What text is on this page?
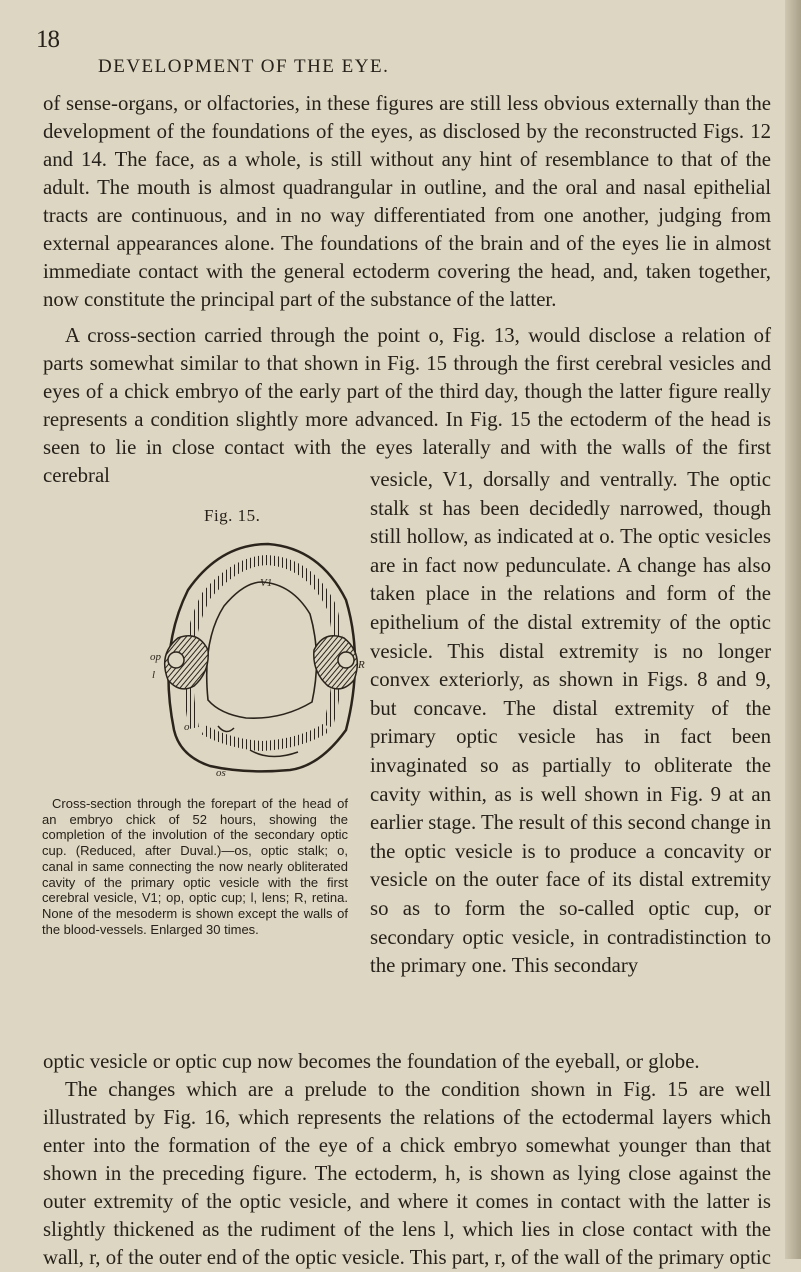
18
DEVELOPMENT OF THE EYE.

of sense-organs, or olfactories, in these figures are still less obvious externally than the development of the foundations of the eyes, as disclosed by the reconstructed Figs. 12 and 14. The face, as a whole, is still without any hint of resemblance to that of the adult. The mouth is almost quadrangular in outline, and the oral and nasal epithelial tracts are continuous, and in no way differentiated from one another, judging from external appearances alone. The foundations of the brain and of the eyes lie in almost immediate contact with the general ectoderm covering the head, and, taken together, now constitute the principal part of the substance of the latter.

A cross-section carried through the point o, Fig. 13, would disclose a relation of parts somewhat similar to that shown in Fig. 15 through the first cerebral vesicles and eyes of a chick embryo of the early part of the third day, though the latter figure really represents a condition slightly more advanced. In Fig. 15 the ectoderm of the head is seen to lie in close contact with the eyes laterally and with the walls of the first cerebral	vesicle, V1, dorsally and ventrally. The optic stalk st has been decidedly narrowed, though still hollow, as indicated at o. The optic vesicles are in fact now pedunculate. A change has also taken place in the relations and form of the epithelium of the distal extremity of the optic vesicle. This distal extremity is no longer convex exteriorly, as shown in Figs. 8 and 9, but concave. The distal extremity of the primary optic vesicle has in fact been invaginated so as partially to obliterate the cavity within, as is well shown in Fig. 9 at an earlier stage. The result of this second change in the optic vesicle is to produce a concavity or vesicle on the outer face of its distal extremity so as to form the so-called optic cup, or secondary optic vesicle, in contradistinction to the primary one. This secondary

Fig. 15.
V1
op
l
R
o
os

Cross-section through the forepart of the head of an embryo chick of 52 hours, showing the completion of the involution of the secondary optic cup. (Reduced, after Duval.)—os, optic stalk; o, canal in same connecting the now nearly obliterated cavity of the primary optic vesicle with the first cerebral vesicle, V1; op, optic cup; l, lens; R, retina. None of the mesoderm is shown except the walls of the blood-vessels. Enlarged 30 times.

optic vesicle or optic cup now becomes the foundation of the eyeball, or globe.

The changes which are a prelude to the condition shown in Fig. 15 are well illustrated by Fig. 16, which represents the relations of the ectodermal layers which enter into the formation of the eye of a chick embryo somewhat younger than that shown in the preceding figure. The ectoderm, h, is shown as lying close against the outer extremity of the optic vesicle, and where it comes in contact with the latter is slightly thickened as the rudiment of the lens l, which lies in close contact with the wall, r, of the outer end of the optic vesicle. This part, r, of the wall of the primary optic
